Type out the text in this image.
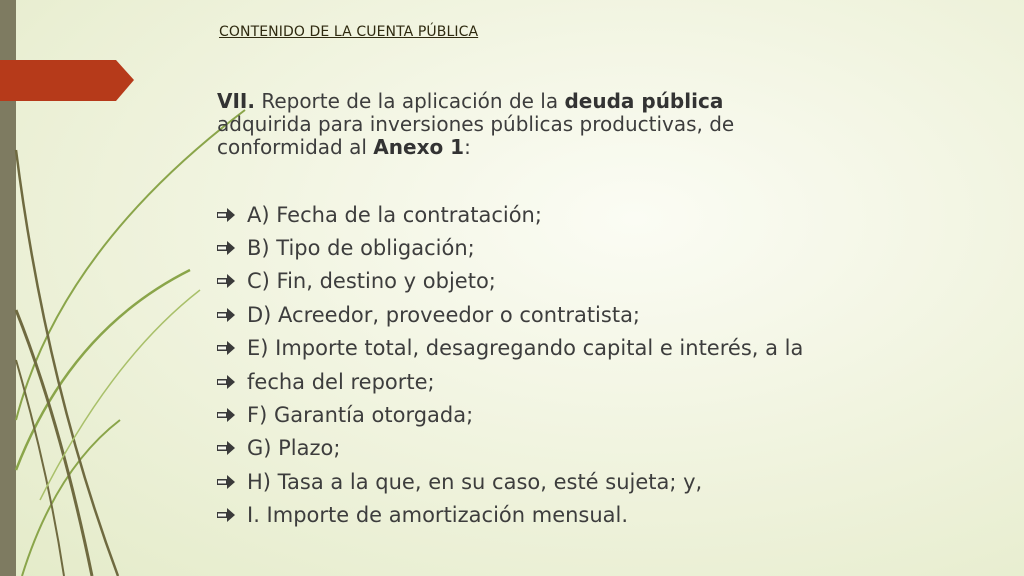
CONTENIDO DE LA CUENTA PÚBLICA
VII. Reporte de la aplicación de la deuda pública adquirida para inversiones públicas productivas, de conformidad al Anexo 1:
A) Fecha de la contratación;
B) Tipo de obligación;
C) Fin, destino y objeto;
D) Acreedor, proveedor o contratista;
E) Importe total, desagregando capital e interés, a la
fecha del reporte;
F) Garantía otorgada;
G) Plazo;
H) Tasa a la que, en su caso, esté sujeta; y,
I. Importe de amortización mensual.
